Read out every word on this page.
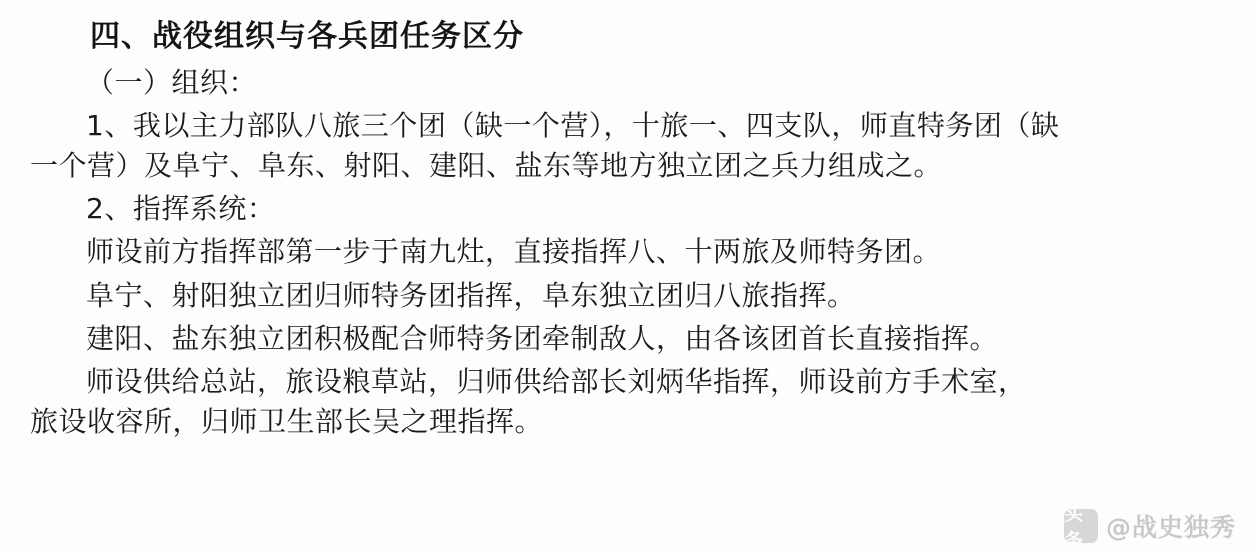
四、战役组织与各兵团任务区分

（一）组织：

1、我以主力部队八旅三个团（缺一个营），十旅一、四支队，师直特务团（缺

一个营）及阜宁、阜东、射阳、建阳、盐东等地方独立团之兵力组成之。

2、指挥系统：

师设前方指挥部第一步于南九灶，直接指挥八、十两旅及师特务团。

阜宁、射阳独立团归师特务团指挥，阜东独立团归八旅指挥。

建阳、盐东独立团积极配合师特务团牵制敌人，由各该团首长直接指挥。

师设供给总站，旅设粮草站，归师供给部长刘炳华指挥，师设前方手术室，

旅设收容所，归师卫生部长吴之理指挥。

头条 @战史独秀
